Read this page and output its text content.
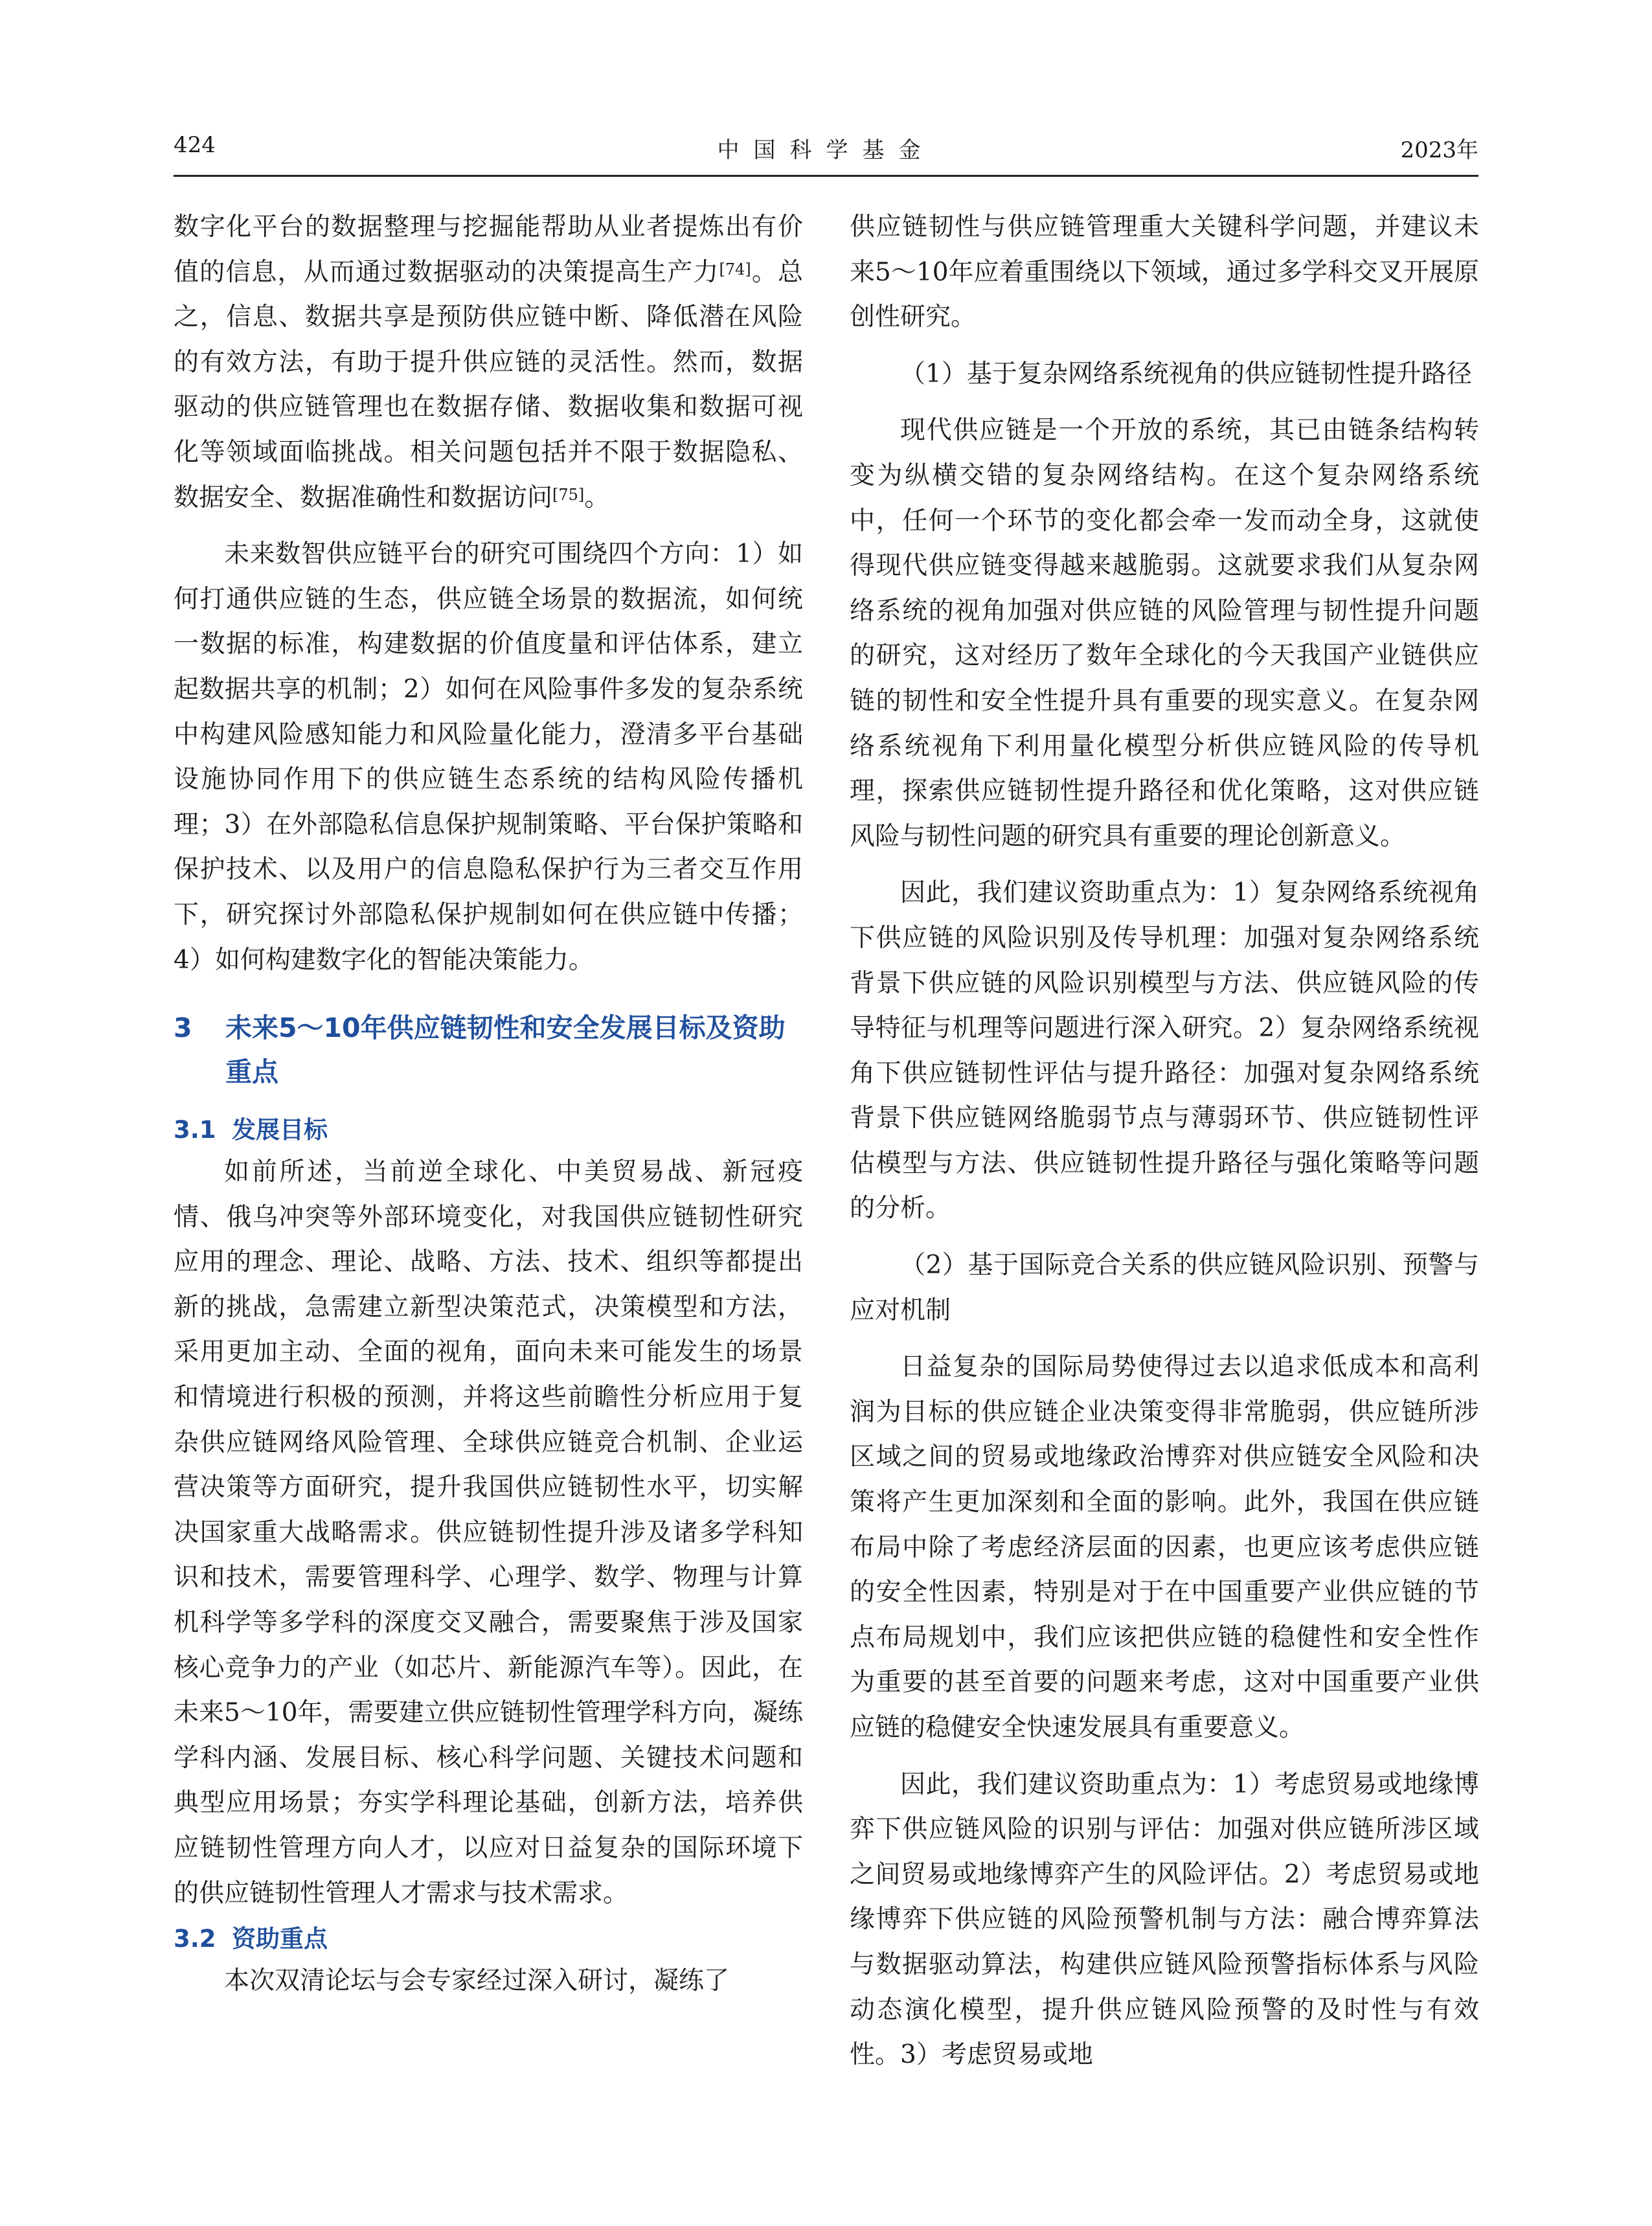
424	中国科学基金	2023年

数字化平台的数据整理与挖掘能帮助从业者提炼出有价值的信息，从而通过数据驱动的决策提高生产力[74]。总之，信息、数据共享是预防供应链中断、降低潜在风险的有效方法，有助于提升供应链的灵活性。然而，数据驱动的供应链管理也在数据存储、数据收集和数据可视化等领域面临挑战。相关问题包括并不限于数据隐私、数据安全、数据准确性和数据访问[75]。

未来数智供应链平台的研究可围绕四个方向：1）如何打通供应链的生态，供应链全场景的数据流，如何统一数据的标准，构建数据的价值度量和评估体系，建立起数据共享的机制；2）如何在风险事件多发的复杂系统中构建风险感知能力和风险量化能力，澄清多平台基础设施协同作用下的供应链生态系统的结构风险传播机理；3）在外部隐私信息保护规制策略、平台保护策略和保护技术、以及用户的信息隐私保护行为三者交互作用下，研究探讨外部隐私保护规制如何在供应链中传播；4）如何构建数字化的智能决策能力。

3 未来5～10年供应链韧性和安全发展目标及资助重点
3.1 发展目标

如前所述，当前逆全球化、中美贸易战、新冠疫情、俄乌冲突等外部环境变化，对我国供应链韧性研究应用的理念、理论、战略、方法、技术、组织等都提出新的挑战，急需建立新型决策范式，决策模型和方法，采用更加主动、全面的视角，面向未来可能发生的场景和情境进行积极的预测，并将这些前瞻性分析应用于复杂供应链网络风险管理、全球供应链竞合机制、企业运营决策等方面研究，提升我国供应链韧性水平，切实解决国家重大战略需求。供应链韧性提升涉及诸多学科知识和技术，需要管理科学、心理学、数学、物理与计算机科学等多学科的深度交叉融合，需要聚焦于涉及国家核心竞争力的产业（如芯片、新能源汽车等）。因此，在未来5～10年，需要建立供应链韧性管理学科方向，凝练学科内涵、发展目标、核心科学问题、关键技术问题和典型应用场景；夯实学科理论基础，创新方法，培养供应链韧性管理方向人才，以应对日益复杂的国际环境下的供应链韧性管理人才需求与技术需求。

3.2 资助重点

本次双清论坛与会专家经过深入研讨，凝练了

供应链韧性与供应链管理重大关键科学问题，并建议未来5～10年应着重围绕以下领域，通过多学科交叉开展原创性研究。

（1）基于复杂网络系统视角的供应链韧性提升路径

现代供应链是一个开放的系统，其已由链条结构转变为纵横交错的复杂网络结构。在这个复杂网络系统中，任何一个环节的变化都会牵一发而动全身，这就使得现代供应链变得越来越脆弱。这就要求我们从复杂网络系统的视角加强对供应链的风险管理与韧性提升问题的研究，这对经历了数年全球化的今天我国产业链供应链的韧性和安全性提升具有重要的现实意义。在复杂网络系统视角下利用量化模型分析供应链风险的传导机理，探索供应链韧性提升路径和优化策略，这对供应链风险与韧性问题的研究具有重要的理论创新意义。

因此，我们建议资助重点为：1）复杂网络系统视角下供应链的风险识别及传导机理：加强对复杂网络系统背景下供应链的风险识别模型与方法、供应链风险的传导特征与机理等问题进行深入研究。2）复杂网络系统视角下供应链韧性评估与提升路径：加强对复杂网络系统背景下供应链网络脆弱节点与薄弱环节、供应链韧性评估模型与方法、供应链韧性提升路径与强化策略等问题的分析。

（2）基于国际竞合关系的供应链风险识别、预警与应对机制

日益复杂的国际局势使得过去以追求低成本和高利润为目标的供应链企业决策变得非常脆弱，供应链所涉区域之间的贸易或地缘政治博弈对供应链安全风险和决策将产生更加深刻和全面的影响。此外，我国在供应链布局中除了考虑经济层面的因素，也更应该考虑供应链的安全性因素，特别是对于在中国重要产业供应链的节点布局规划中，我们应该把供应链的稳健性和安全性作为重要的甚至首要的问题来考虑，这对中国重要产业供应链的稳健安全快速发展具有重要意义。

因此，我们建议资助重点为：1）考虑贸易或地缘博弈下供应链风险的识别与评估：加强对供应链所涉区域之间贸易或地缘博弈产生的风险评估。2）考虑贸易或地缘博弈下供应链的风险预警机制与方法：融合博弈算法与数据驱动算法，构建供应链风险预警指标体系与风险动态演化模型，提升供应链风险预警的及时性与有效性。3）考虑贸易或地
